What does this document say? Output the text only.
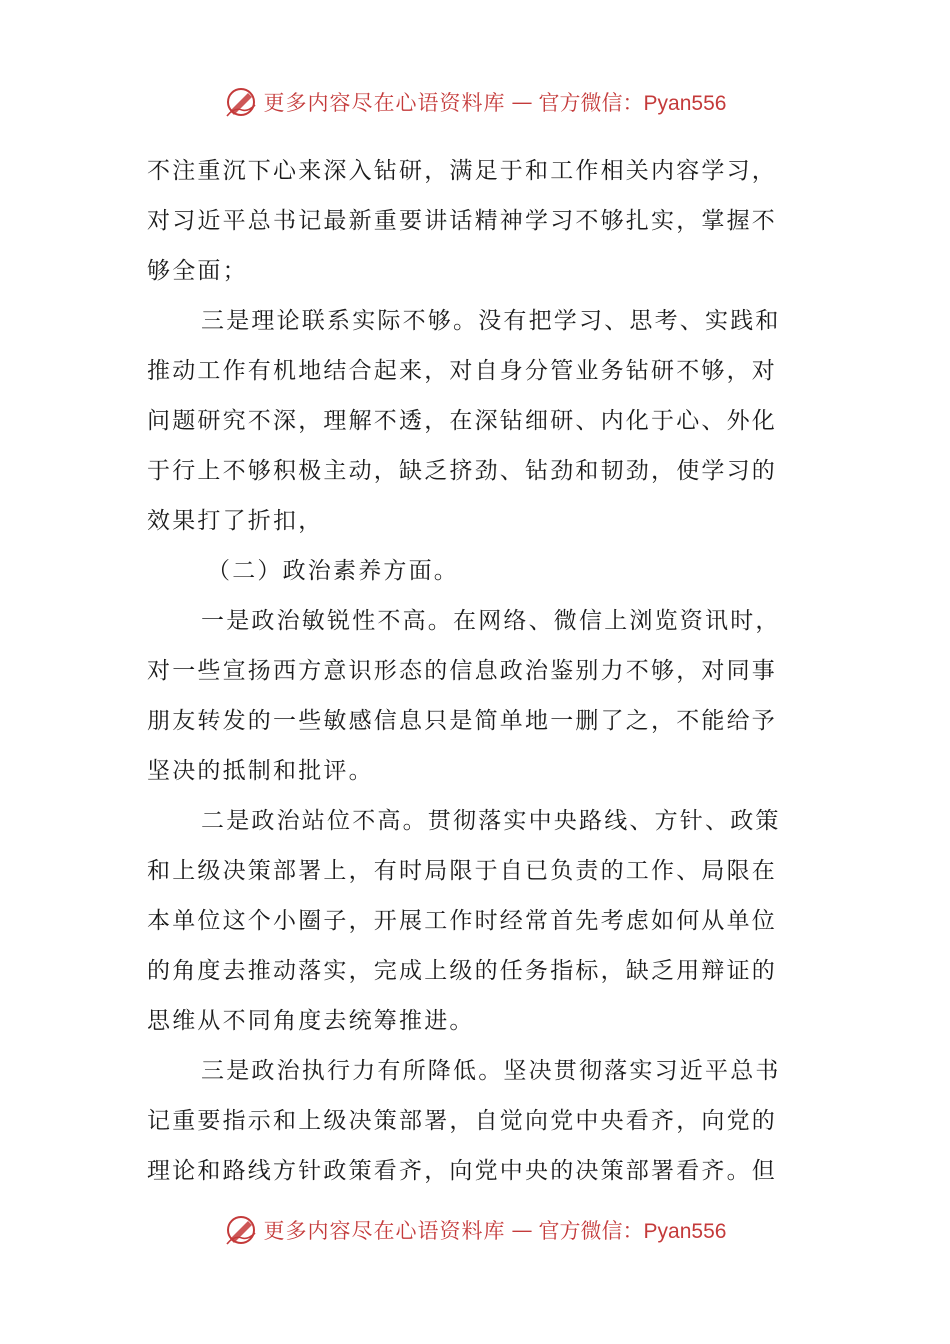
更多内容尽在心语资料库 — 官方微信：Pyan556
不注重沉下心来深入钻研，满足于和工作相关内容学习，
对习近平总书记最新重要讲话精神学习不够扎实，掌握不
够全面；
三是理论联系实际不够。没有把学习、思考、实践和
推动工作有机地结合起来，对自身分管业务钻研不够，对
问题研究不深，理解不透，在深钻细研、内化于心、外化
于行上不够积极主动，缺乏挤劲、钻劲和韧劲，使学习的
效果打了折扣，
（二）政治素养方面。
一是政治敏锐性不高。在网络、微信上浏览资讯时，
对一些宣扬西方意识形态的信息政治鉴别力不够，对同事
朋友转发的一些敏感信息只是简单地一删了之，不能给予
坚决的抵制和批评。
二是政治站位不高。贯彻落实中央路线、方针、政策
和上级决策部署上，有时局限于自已负责的工作、局限在
本单位这个小圈子，开展工作时经常首先考虑如何从单位
的角度去推动落实，完成上级的任务指标，缺乏用辩证的
思维从不同角度去统筹推进。
三是政治执行力有所降低。坚决贯彻落实习近平总书
记重要指示和上级决策部署，自觉向党中央看齐，向党的
理论和路线方针政策看齐，向党中央的决策部署看齐。但
更多内容尽在心语资料库 — 官方微信：Pyan556
